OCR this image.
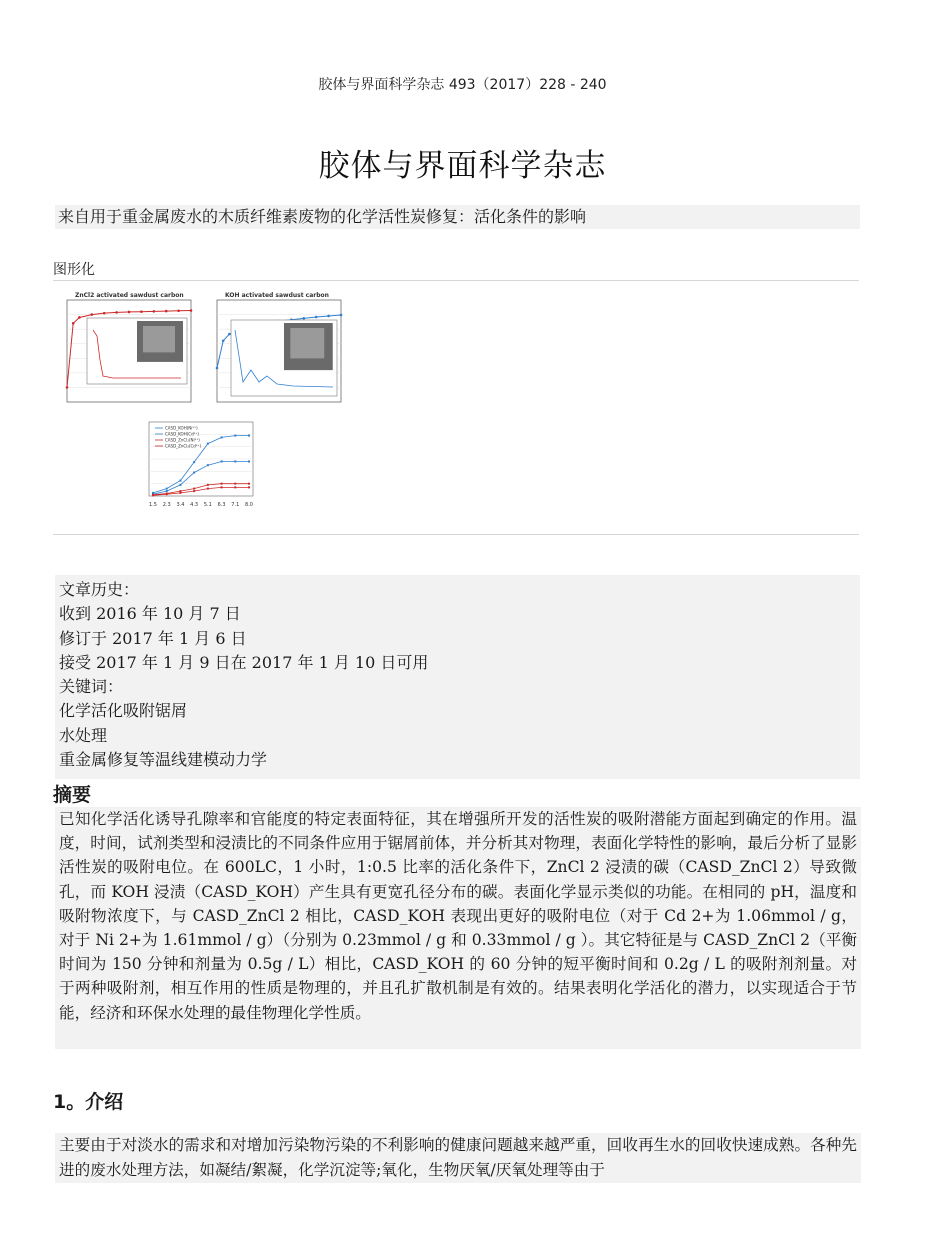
胶体与界面科学杂志 493（2017）228 - 240
胶体与界面科学杂志
来自用于重金属废水的木质纤维素废物的化学活性炭修复：活化条件的影响
图形化
ZnCl2 activated sawdust carbon	KOH activated sawdust carbon
1.5 2.3 3.4 4.3 5.1 6.3 7.1 8.0
CASD_KOH(Ni²⁺)
CASD_KOH(Cd²⁺)
CASD_ZnCl₂(Ni²⁺)
CASD_ZnCl₂(Cd²⁺)
文章历史：
收到 2016 年 10 月 7 日
修订于 2017 年 1 月 6 日
接受 2017 年 1 月 9 日在 2017 年 1 月 10 日可用
关键词：
化学活化吸附锯屑
水处理
重金属修复等温线建模动力学
摘要
已知化学活化诱导孔隙率和官能度的特定表面特征，其在增强所开发的活性炭的吸附潜能方面起到确定的作用。温度，时间，试剂类型和浸渍比的不同条件应用于锯屑前体，并分析其对物理，表面化学特性的影响，最后分析了显影活性炭的吸附电位。在 600LC，1 小时，1:0.5 比率的活化条件下，ZnCl 2 浸渍的碳（CASD_ZnCl 2）导致微孔，而 KOH 浸渍（CASD_KOH）产生具有更宽孔径分布的碳。表面化学显示类似的功能。在相同的 pH，温度和吸附物浓度下，与 CASD_ZnCl 2 相比，CASD_KOH 表现出更好的吸附电位（对于 Cd 2+为 1.06mmol / g，对于 Ni 2+为 1.61mmol / g）（分别为 0.23mmol / g 和 0.33mmol / g ）。其它特征是与 CASD_ZnCl 2（平衡时间为 150 分钟和剂量为 0.5g / L）相比，CASD_KOH 的 60 分钟的短平衡时间和 0.2g / L 的吸附剂剂量。对于两种吸附剂，相互作用的性质是物理的，并且孔扩散机制是有效的。结果表明化学活化的潜力，以实现适合于节能，经济和环保水处理的最佳物理化学性质。
1。介绍
主要由于对淡水的需求和对增加污染物污染的不利影响的健康问题越来越严重，回收再生水的回收快速成熟。各种先进的废水处理方法，如凝结/絮凝，化学沉淀等;氧化，生物厌氧/厌氧处理等由于
